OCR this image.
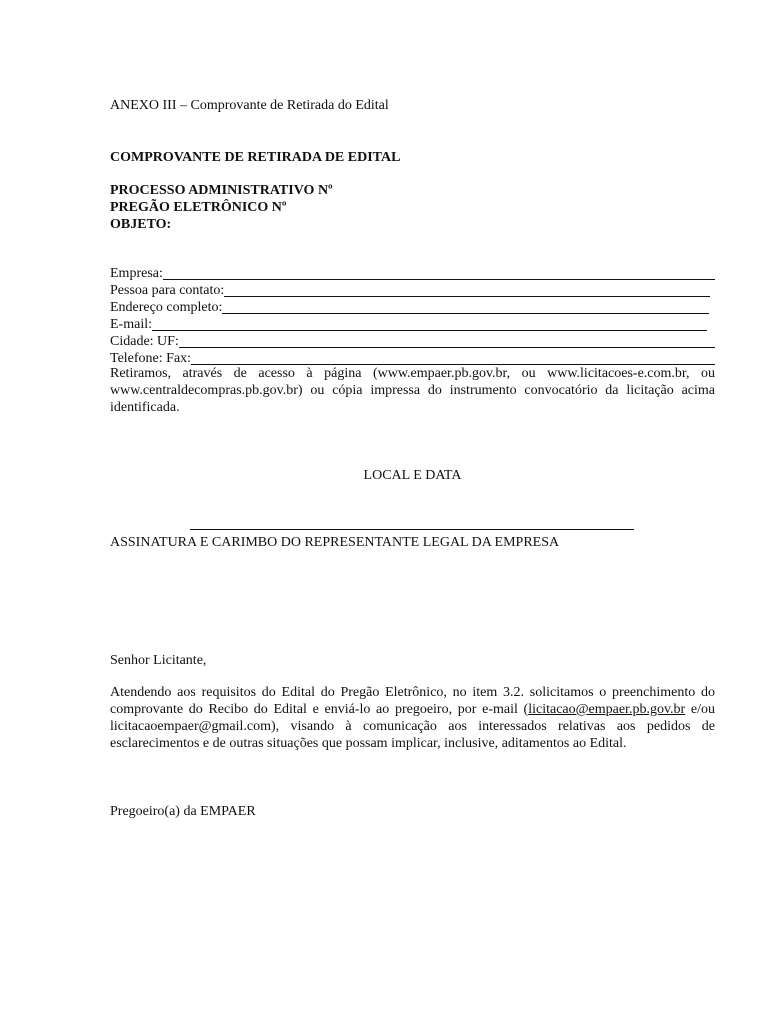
ANEXO III – Comprovante de Retirada do Edital
COMPROVANTE DE RETIRADA DE EDITAL
PROCESSO ADMINISTRATIVO Nº
PREGÃO ELETRÔNICO Nº
OBJETO:
Empresa:
Pessoa para contato:
Endereço completo:
E-mail:
Cidade: UF:
Telefone: Fax:
Retiramos, através de acesso à página (www.empaer.pb.gov.br, ou www.licitacoes-e.com.br, ou www.centraldecompras.pb.gov.br) ou cópia impressa do instrumento convocatório da licitação acima identificada.
LOCAL E DATA
ASSINATURA E CARIMBO DO REPRESENTANTE LEGAL DA EMPRESA
Senhor Licitante,
Atendendo aos requisitos do Edital do Pregão Eletrônico, no item 3.2. solicitamos o preenchimento do comprovante do Recibo do Edital e enviá-lo ao pregoeiro, por e-mail (licitacao@empaer.pb.gov.br e/ou licitacaoempaer@gmail.com), visando à comunicação aos interessados relativas aos pedidos de esclarecimentos e de outras situações que possam implicar, inclusive, aditamentos ao Edital.
Pregoeiro(a) da EMPAER
